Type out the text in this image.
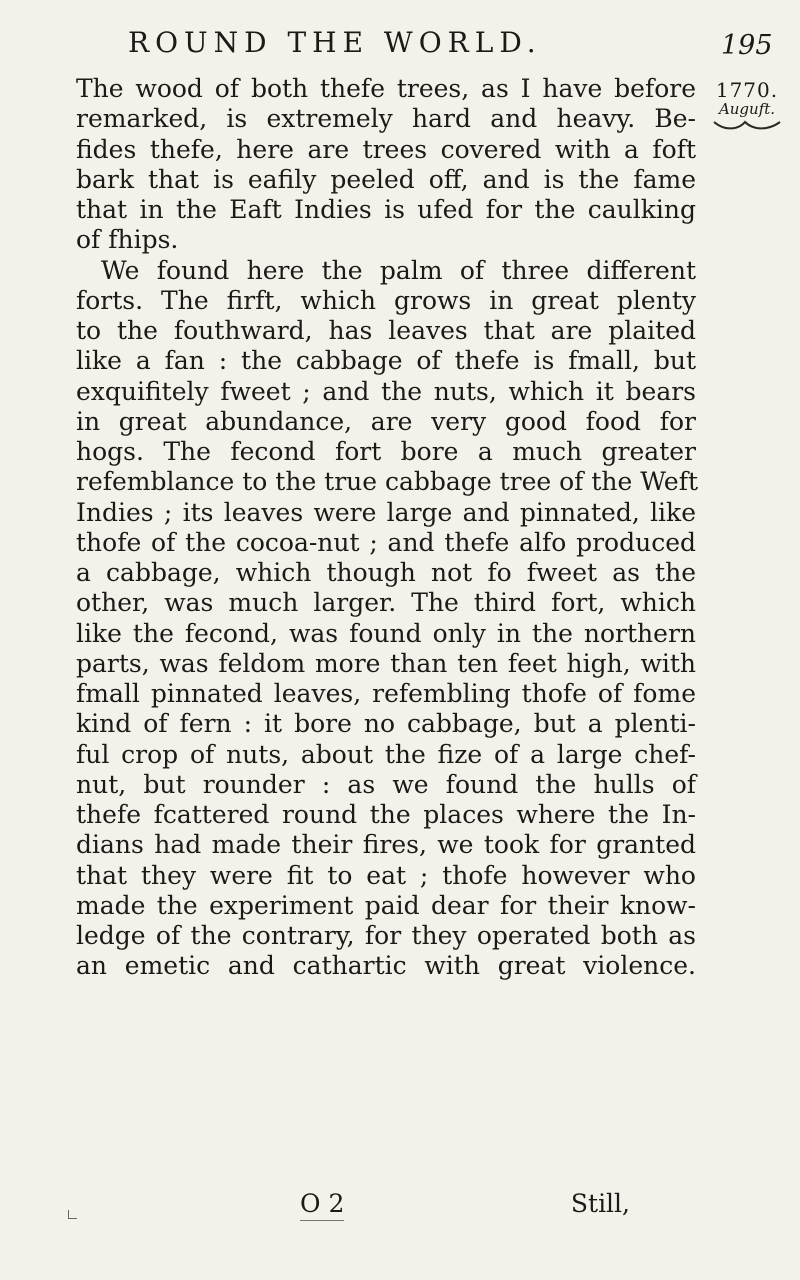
ROUND THE WORLD.	195
1770.
Auguft.
The wood of both thefe trees, as I have before
remarked, is extremely hard and heavy. Be-
fides thefe, here are trees covered with a foft
bark that is eafily peeled off, and is the fame
that in the Eaft Indies is ufed for the caulking
of fhips.
We found here the palm of three different
forts. The firft, which grows in great plenty
to the fouthward, has leaves that are plaited
like a fan : the cabbage of thefe is fmall, but
exquifitely fweet ; and the nuts, which it bears
in great abundance, are very good food for
hogs. The fecond fort bore a much greater
refemblance to the true cabbage tree of the Weft
Indies ; its leaves were large and pinnated, like
thofe of the cocoa-nut ; and thefe alfo produced
a cabbage, which though not fo fweet as the
other, was much larger. The third fort, which
like the fecond, was found only in the northern
parts, was feldom more than ten feet high, with
fmall pinnated leaves, refembling thofe of fome
kind of fern : it bore no cabbage, but a plenti-
ful crop of nuts, about the fize of a large chef-
nut, but rounder : as we found the hulls of
thefe fcattered round the places where the In-
dians had made their fires, we took for granted
that they were fit to eat ; thofe however who
made the experiment paid dear for their know-
ledge of the contrary, for they operated both as
an emetic and cathartic with great violence.
O 2	Still,
